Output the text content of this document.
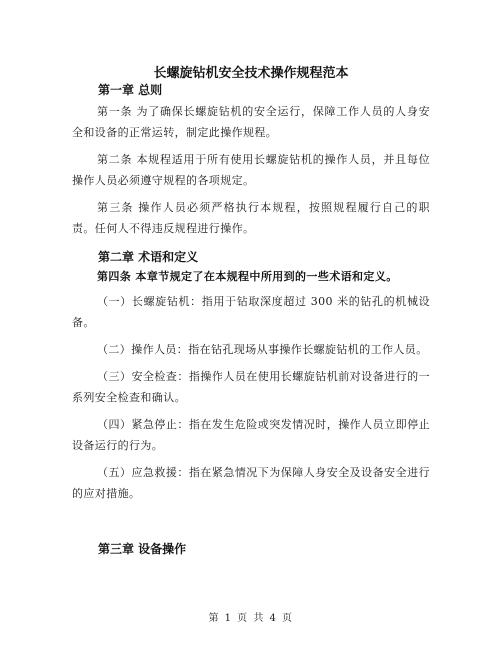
长螺旋钻机安全技术操作规程范本
第一章 总则
第一条 为了确保长螺旋钻机的安全运行，保障工作人员的人身安全和设备的正常运转，制定此操作规程。
第二条 本规程适用于所有使用长螺旋钻机的操作人员，并且每位操作人员必须遵守规程的各项规定。
第三条 操作人员必须严格执行本规程，按照规程履行自己的职责。任何人不得违反规程进行操作。
第二章 术语和定义
第四条 本章节规定了在本规程中所用到的一些术语和定义。
（一）长螺旋钻机：指用于钻取深度超过 300 米的钻孔的机械设备。
（二）操作人员：指在钻孔现场从事操作长螺旋钻机的工作人员。
（三）安全检查：指操作人员在使用长螺旋钻机前对设备进行的一系列安全检查和确认。
（四）紧急停止：指在发生危险或突发情况时，操作人员立即停止设备运行的行为。
（五）应急救援：指在紧急情况下为保障人身安全及设备安全进行的应对措施。
第三章 设备操作
第 1 页 共 4 页
